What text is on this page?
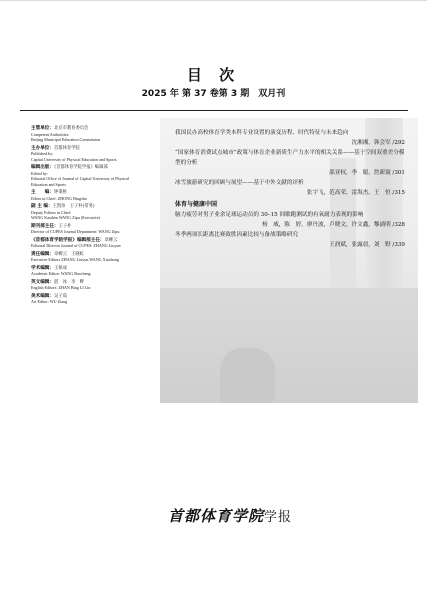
目 次
2025 年 第 37 卷第 3 期　双月刊
主管单位：北京市教育委员会
Competent Authorities:
Beijing Municipal Education Commission
主办单位：首都体育学院
Published by:
Capital University of Physical Education and Sports
编辑出版：《首都体育学院学报》编辑部
Edited by:
Editorial Office of Journal of Capital University of Physical
Education and Sports
主　　编：钟秉枢
Editor in Chief: ZHONG Bingshu
副 主 编：王凯珍　王子朴(常务)
Deputy Editors in Chief:
WANG Kaizhen WANG Zipu (Executive)
期刊部主任：王子朴
Director of CUPES Journal Department: WANG Zipu
《首都体育学院学报》编辑部主任：章柳云
Editorial Director Journal of CUPES: ZHANG Liuyun
责任编辑：章柳云　王晓虹
Executive Editors ZHANG Liuyun WANG Xiaohong
学术编辑：王保成
Academic Editor: WANG Baocheng
英文编辑：湛　冰　李　畔
English Editors: ZHAN Bing LI Lin
美术编辑：吴子茹
Art Editor: WU Ziang
我国民办高校体育学类本科专业设置的演变历程、时代特征与未来趋向
沈湘湘，韩会军 /292
“国家体育消费试点城市”政策与体育企业新质生产力水平的相关关系——基于空间双重差分模型的分析
邵亚权，李　聪，詹新寰 /301
冰雪旅游研究的回顾与展望——基于中外文献的评析
张宇飞，范高荣，雷海杰，王　恒 /315
体育与健康中国
脑力疲劳对男子业余足球运动员的 30–15 间歇跑测试的有氧耐力表现的影响
杨　威，陈　婷，廖丹波，卢晓文，许文鑫，黎涌明 /328
冬季两项长距离比赛致胜因素比较与备战策略研究
王润斌，张露晨，刘　野 /339
首都体育学院学报
